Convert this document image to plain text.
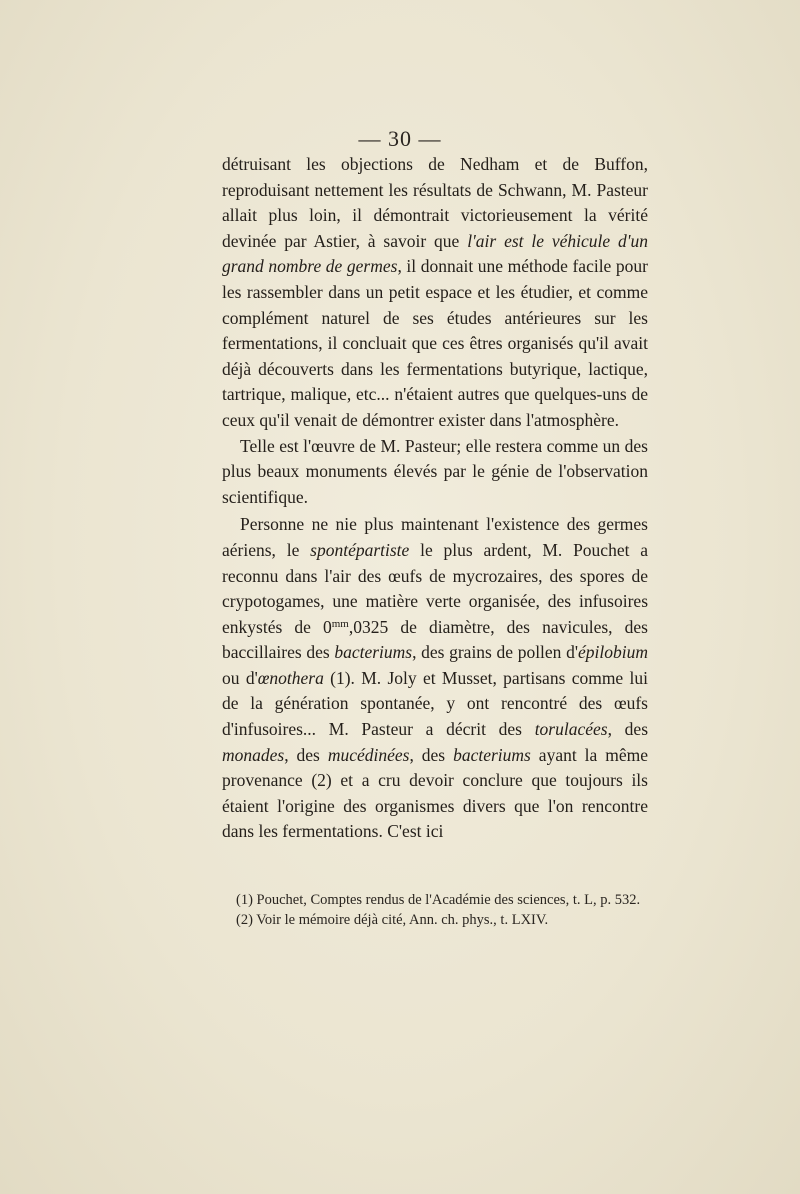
— 30 —

détruisant les objections de Nedham et de Buffon, reproduisant nettement les résultats de Schwann, M. Pasteur allait plus loin, il démontrait victorieusement la vérité devinée par Astier, à savoir que l'air est le véhicule d'un grand nombre de germes, il donnait une méthode facile pour les rassembler dans un petit espace et les étudier, et comme complément naturel de ses études antérieures sur les fermentations, il concluait que ces êtres organisés qu'il avait déjà découverts dans les fermentations butyrique, lactique, tartrique, malique, etc... n'étaient autres que quelques-uns de ceux qu'il venait de démontrer exister dans l'atmosphère.

Telle est l'œuvre de M. Pasteur; elle restera comme un des plus beaux monuments élevés par le génie de l'observation scientifique.

Personne ne nie plus maintenant l'existence des germes aériens, le spontépartiste le plus ardent, M. Pouchet a reconnu dans l'air des œufs de mycrozaires, des spores de crypotogames, une matière verte organisée, des infusoires enkystés de $0^{mm},0325$ de diamètre, des navicules, des baccillaires des bacteriums, des grains de pollen d'épilobium ou d'œnothera (1). M. Joly et Musset, partisans comme lui de la génération spontanée, y ont rencontré des œufs d'infusoires... M. Pasteur a décrit des torulacées, des monades, des mucédinées, des bacteriums ayant la même provenance (2) et a cru devoir conclure que toujours ils étaient l'origine des organismes divers que l'on rencontre dans les fermentations. C'est ici

(1) Pouchet, Comptes rendus de l'Académie des sciences, t. L, p. 532.

(2) Voir le mémoire déjà cité, Ann. ch. phys., t. LXIV.
